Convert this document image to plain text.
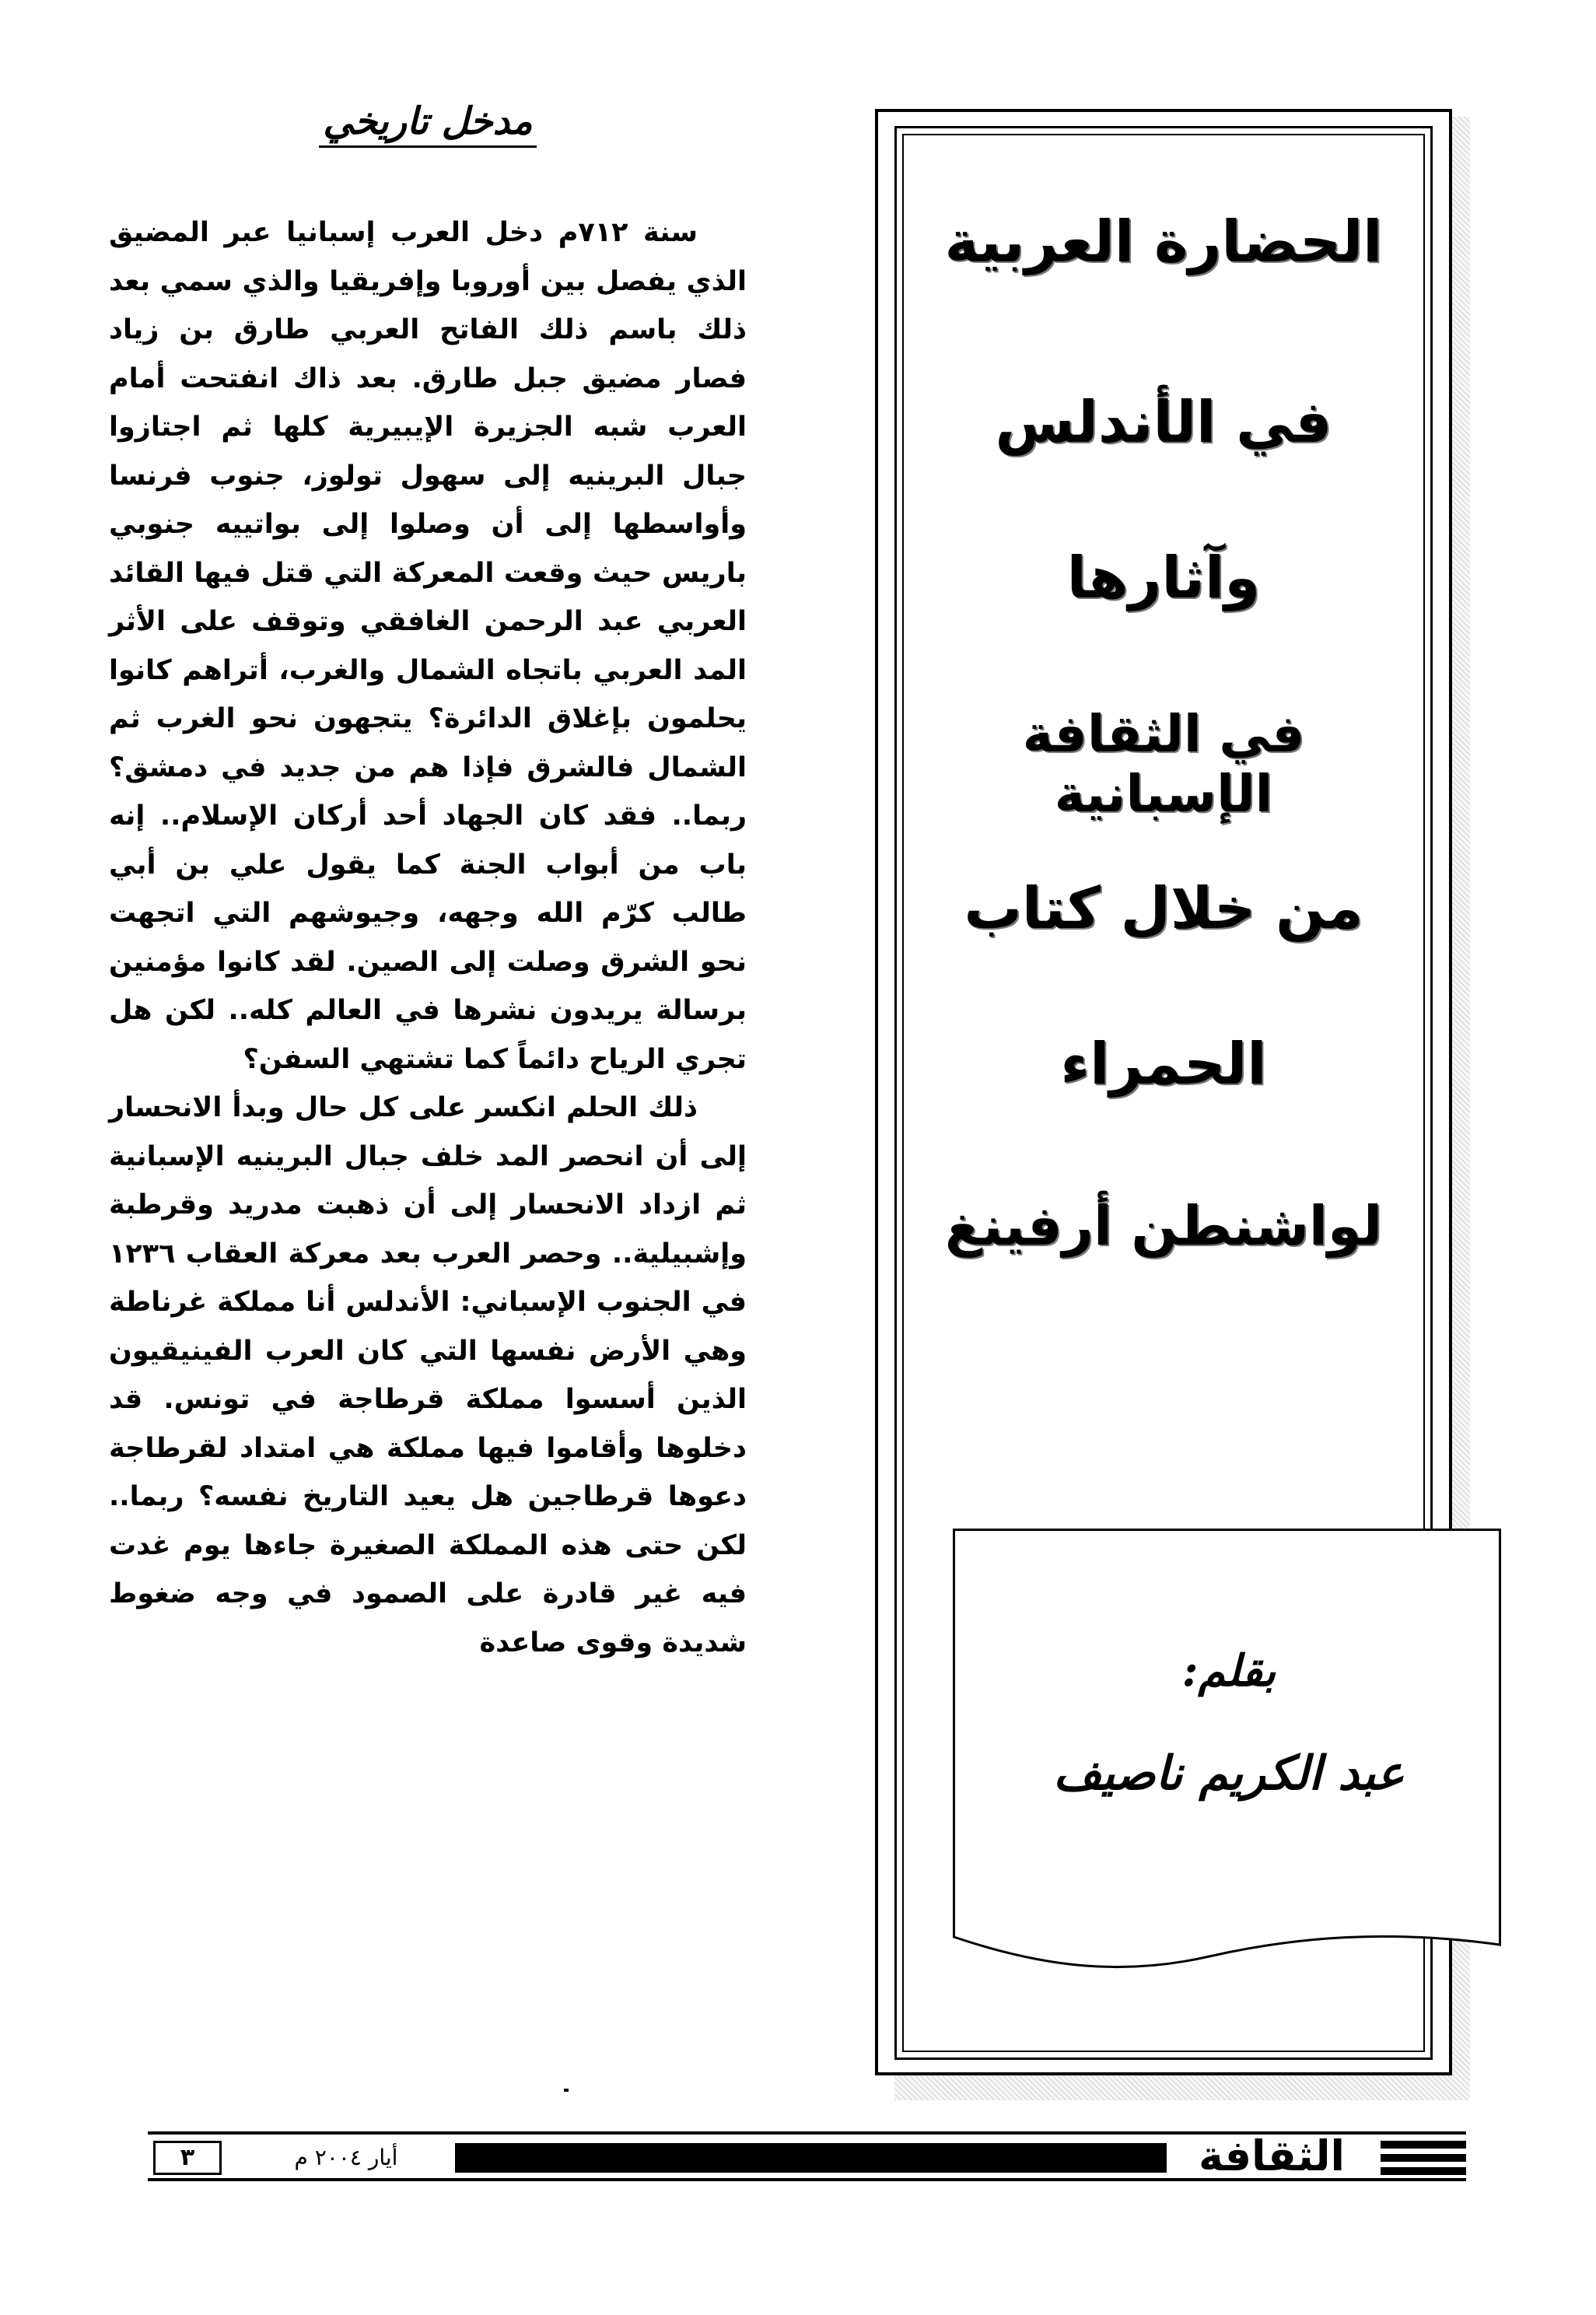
مدخل تاريخي

سنة ٧١٢م دخل العرب إسبانيا عبر المضيق الذي يفصل بين أوروبا وإفريقيا والذي سمي بعد ذلك باسم ذلك الفاتح العربي طارق بن زياد فصار مضيق جبل طارق. بعد ذاك انفتحت أمام العرب شبه الجزيرة الإيبيرية كلها ثم اجتازوا جبال البرينيه إلى سهول تولوز، جنوب فرنسا وأواسطها إلى أن وصلوا إلى بواتييه جنوبي باريس حيث وقعت المعركة التي قتل فيها القائد العربي عبد الرحمن الغافقي وتوقف على الأثر المد العربي باتجاه الشمال والغرب، أتراهم كانوا يحلمون بإغلاق الدائرة؟ يتجهون نحو الغرب ثم الشمال فالشرق فإذا هم من جديد في دمشق؟ ربما.. فقد كان الجهاد أحد أركان الإسلام.. إنه باب من أبواب الجنة كما يقول علي بن أبي طالب كرّم الله وجهه، وجيوشهم التي اتجهت نحو الشرق وصلت إلى الصين. لقد كانوا مؤمنين برسالة يريدون نشرها في العالم كله.. لكن هل تجري الرياح دائماً كما تشتهي السفن؟

ذلك الحلم انكسر على كل حال وبدأ الانحسار إلى أن انحصر المد خلف جبال البرينيه الإسبانية ثم ازداد الانحسار إلى أن ذهبت مدريد وقرطبة وإشبيلية.. وحصر العرب بعد معركة العقاب ١٢٣٦ في الجنوب الإسباني: الأندلس أنا مملكة غرناطة وهي الأرض نفسها التي كان العرب الفينيقيون الذين أسسوا مملكة قرطاجة في تونس. قد دخلوها وأقاموا فيها مملكة هي امتداد لقرطاجة دعوها قرطاجين هل يعيد التاريخ نفسه؟ ربما.. لكن حتى هذه المملكة الصغيرة جاءها يوم غدت فيه غير قادرة على الصمود في وجه ضغوط شديدة وقوى صاعدة

الحضارة العربية
في الأندلس
وآثارها
في الثقافة الإسبانية
من خلال كتاب
الحمراء
لواشنطن أرفينغ
بقلم:
عبد الكريم ناصيف
٣	أيار ٢٠٠٤ م	الثقافة
